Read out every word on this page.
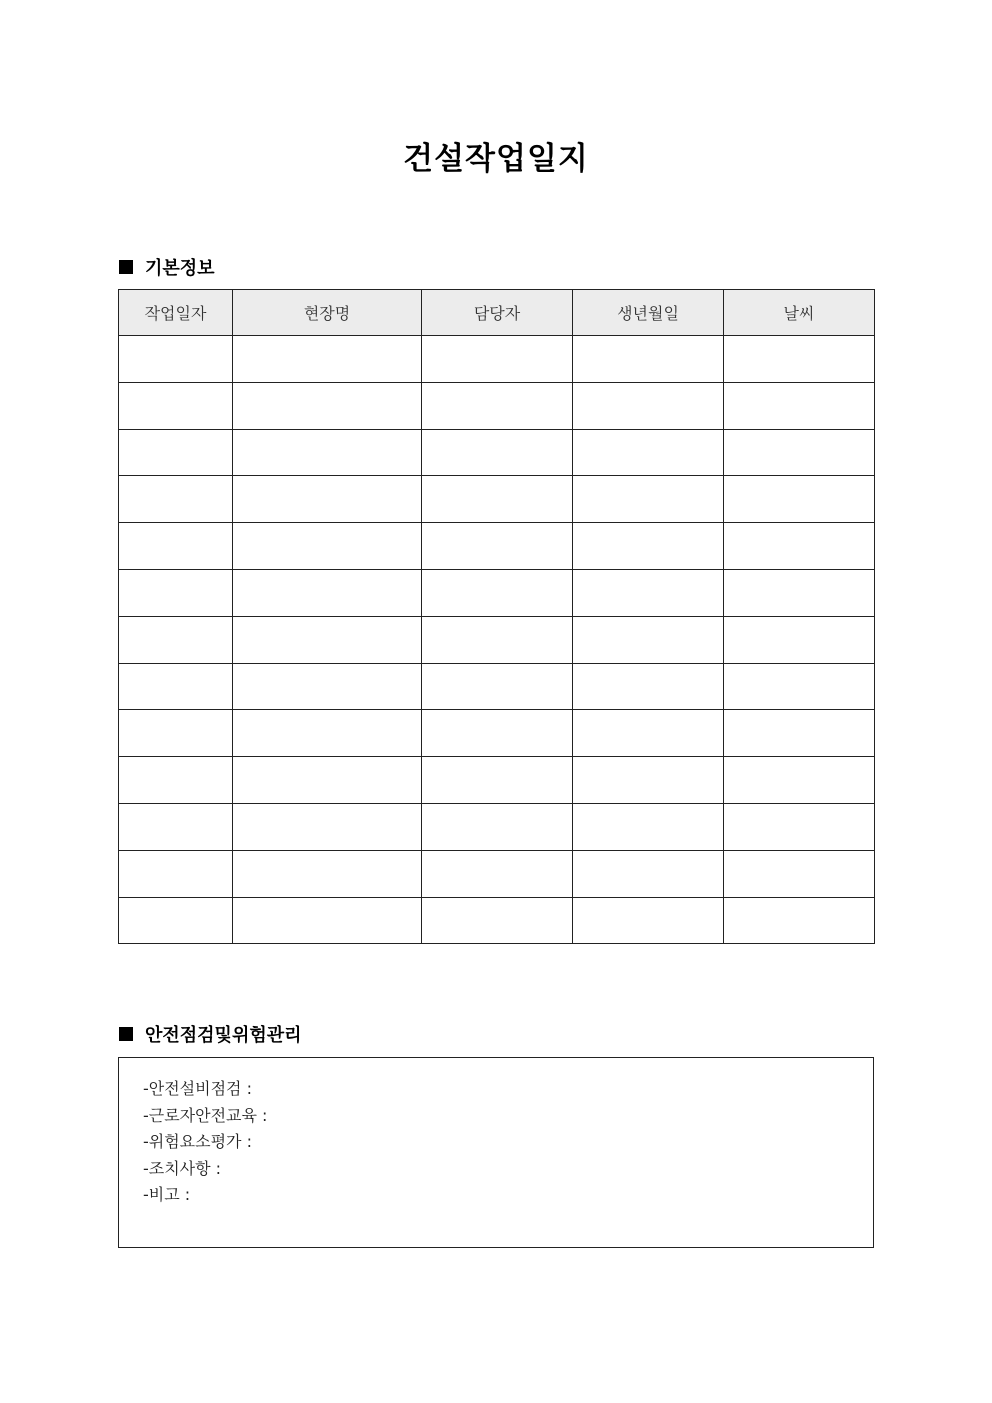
건설작업일지
기본정보
작업일자	현장명	담당자	생년월일	날씨

안전점검및위험관리
-안전설비점검 :
-근로자안전교육 :
-위험요소평가 :
-조치사항 :
-비고 :
